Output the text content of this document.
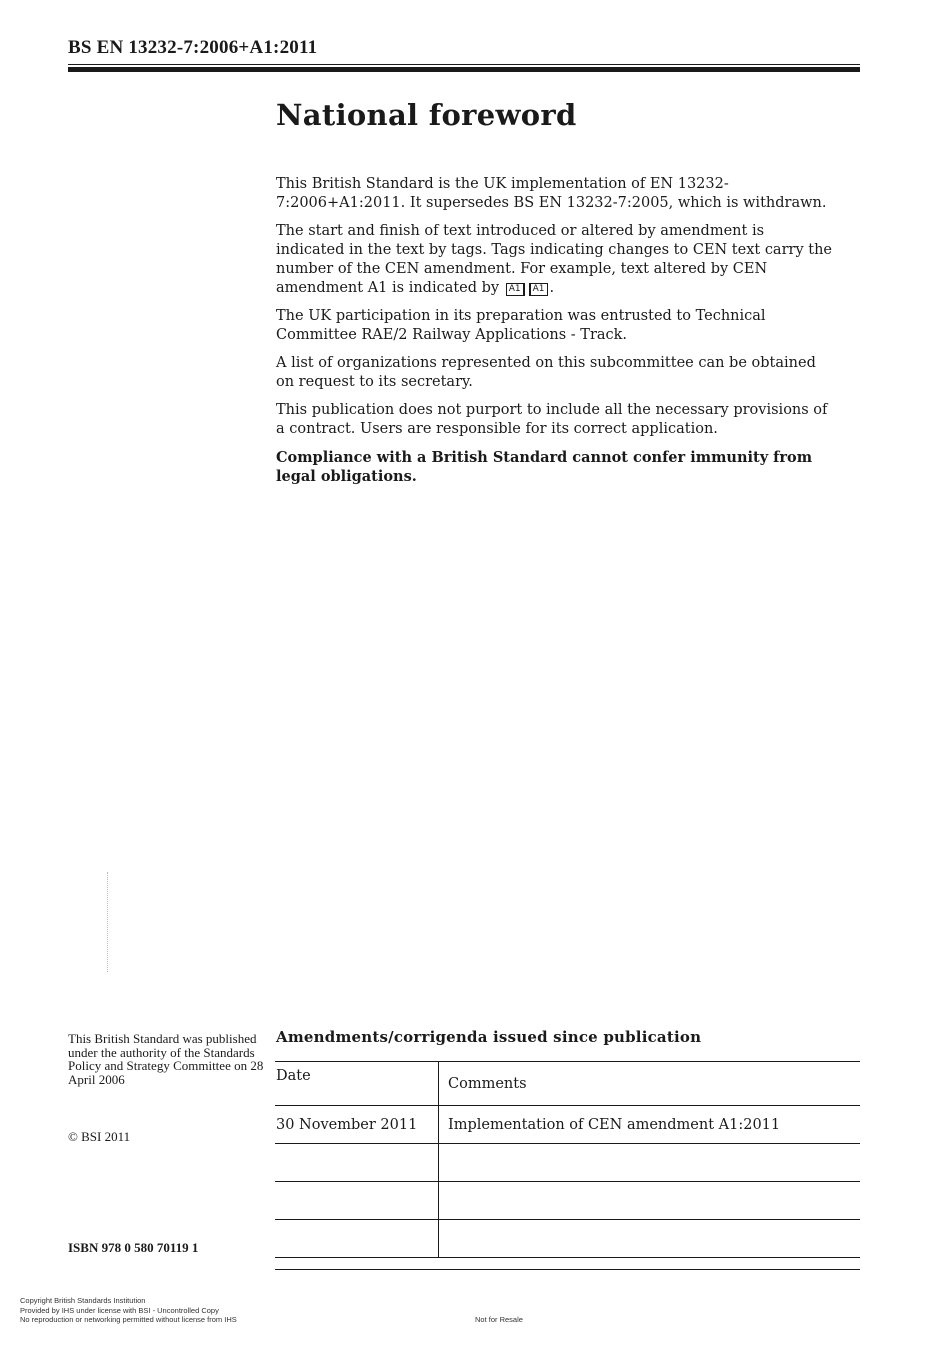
BS EN 13232-7:2006+A1:2011
National foreword

This British Standard is the UK implementation of EN 13232-7:2006+A1:2011. It supersedes BS EN 13232-7:2005, which is withdrawn.

The start and finish of text introduced or altered by amendment is indicated in the text by tags. Tags indicating changes to CEN text carry the number of the CEN amendment. For example, text altered by CEN amendment A1 is indicated by A1 A1 .

The UK participation in its preparation was entrusted to Technical Committee RAE/2 Railway Applications - Track.

A list of organizations represented on this subcommittee can be obtained on request to its secretary.

This publication does not purport to include all the necessary provisions of a contract. Users are responsible for its correct application.

Compliance with a British Standard cannot confer immunity from legal obligations.

This British Standard was published under the authority of the Standards Policy and Strategy Committee on 28 April 2006
© BSI 2011
ISBN 978 0 580 70119 1
Amendments/corrigenda issued since publication
Date	Comments
30 November 2011	Implementation of CEN amendment A1:2011

Copyright British Standards Institution
Provided by IHS under license with BSI - Uncontrolled Copy
No reproduction or networking permitted without license from IHS	Not for Resale
